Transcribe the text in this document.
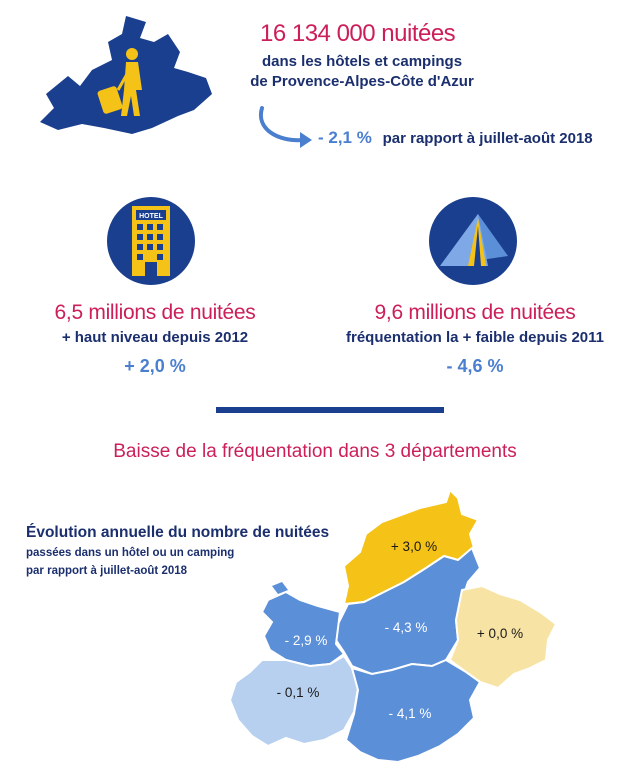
16 134 000 nuitées
dans les hôtels et campings
de Provence-Alpes-Côte d'Azur
- 2,1 % par rapport à juillet-août 2018
HOTEL
6,5 millions de nuitées
+ haut niveau depuis 2012
+ 2,0 %
9,6 millions de nuitées
fréquentation la + faible depuis 2011
- 4,6 %
Baisse de la fréquentation dans 3 départements
Évolution annuelle du nombre de nuitées
passées dans un hôtel ou un camping
par rapport à juillet-août 2018
+ 3,0 %
- 4,3 %	+ 0,0 %
- 2,9 %
- 0,1 %
- 4,1 %
